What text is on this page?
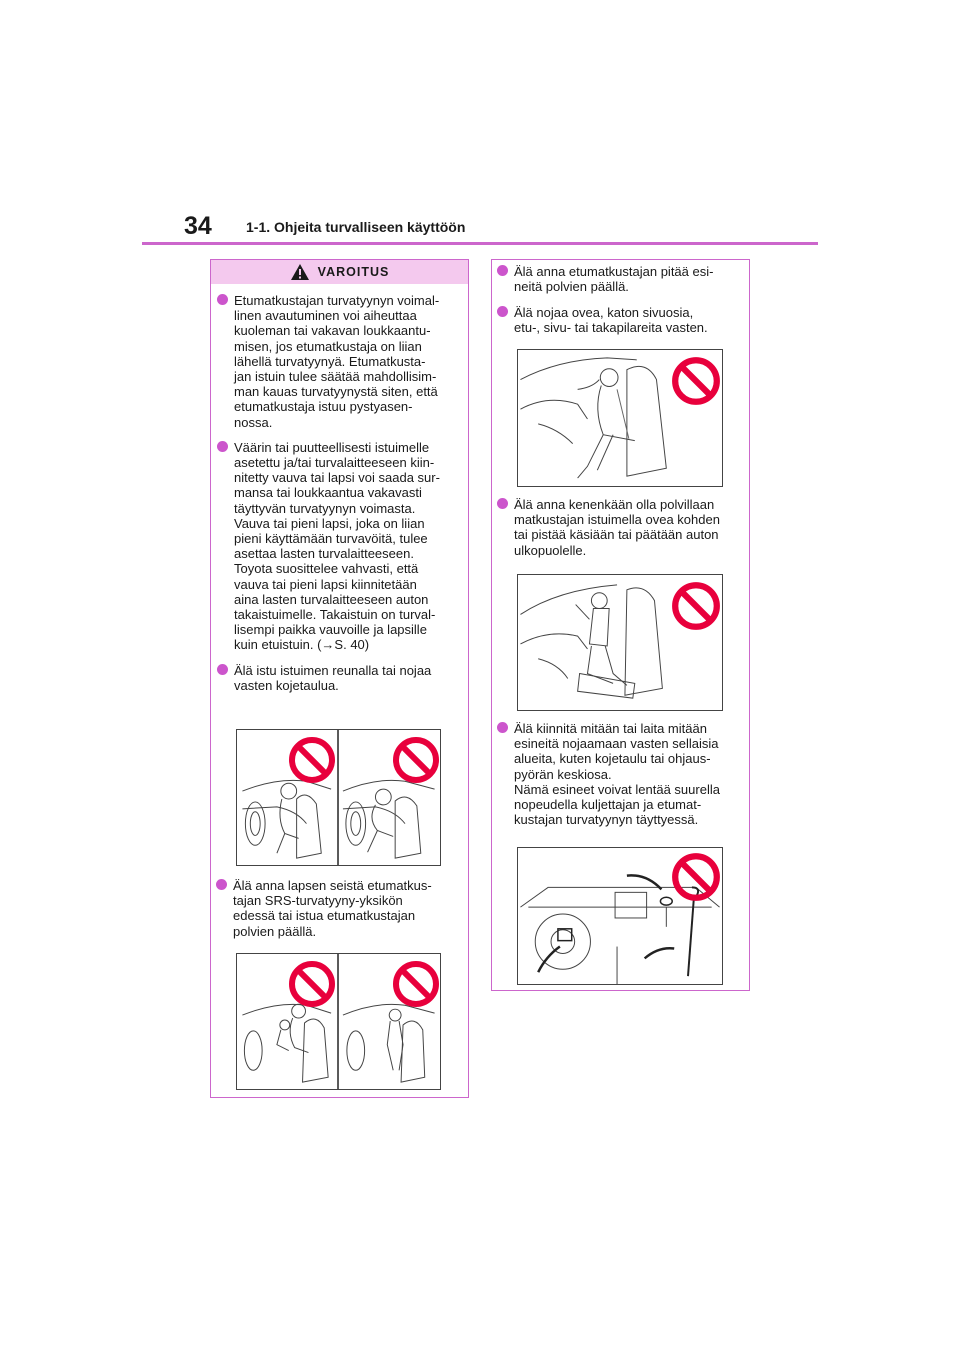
34 1-1. Ohjeita turvalliseen käyttöön
VAROITUS

Etumatkustajan turvatyynyn voimal-
linen avautuminen voi aiheuttaa
kuoleman tai vakavan loukkaantu-
misen, jos etumatkustaja on liian
lähellä turvatyynyä. Etumatkusta-
jan istuin tulee säätää mahdollisim-
man kauas turvatyynystä siten, että
etumatkustaja istuu pystyasen-
nossa.

Väärin tai puutteellisesti istuimelle
asetettu ja/tai turvalaitteeseen kiin-
nitetty vauva tai lapsi voi saada sur-
mansa tai loukkaantua vakavasti
täyttyvän turvatyynyn voimasta.
Vauva tai pieni lapsi, joka on liian
pieni käyttämään turvavöitä, tulee
asettaa lasten turvalaitteeseen.
Toyota suosittelee vahvasti, että
vauva tai pieni lapsi kiinnitetään
aina lasten turvalaitteeseen auton
takaistuimelle. Takaistuin on turval-
lisempi paikka vauvoille ja lapsille
kuin etuistuin. (→S. 40)

Älä istu istuimen reunalla tai nojaa
vasten kojetaulua.

Älä anna lapsen seistä etumatkus-
tajan SRS-turvatyyny-yksikön
edessä tai istua etumatkustajan
polvien päällä.

Älä anna etumatkustajan pitää esi-
neitä polvien päällä.

Älä nojaa ovea, katon sivuosia,
etu-, sivu- tai takapilareita vasten.

Älä anna kenenkään olla polvillaan
matkustajan istuimella ovea kohden
tai pistää käsiään tai päätään auton
ulkopuolelle.

Älä kiinnitä mitään tai laita mitään
esineitä nojaamaan vasten sellaisia
alueita, kuten kojetaulu tai ohjaus-
pyörän keskiosa.
Nämä esineet voivat lentää suurella
nopeudella kuljettajan ja etumat-
kustajan turvatyynyn täyttyessä.
